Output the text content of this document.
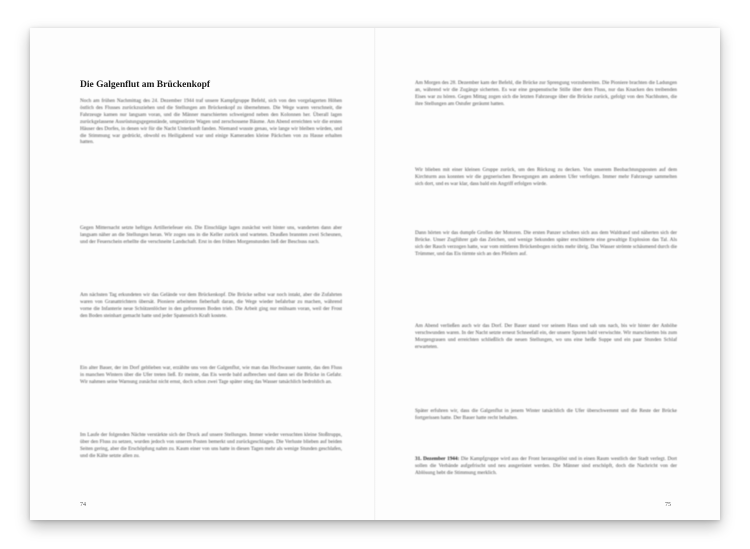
Die Galgenflut am Brückenkopf
Noch am frühen Nachmittag des 24. Dezember 1944 traf unsere Kampfgruppe Befehl, sich von den vorgelagerten Höhen östlich des Flusses zurückzuziehen und die Stellungen am Brückenkopf zu übernehmen. Die Wege waren verschneit, die Fahrzeuge kamen nur langsam voran, und die Männer marschierten schweigend neben den Kolonnen her. Überall lagen zurückgelassene Ausrüstungsgegenstände, umgestürzte Wagen und zerschossene Bäume. Am Abend erreichten wir die ersten Häuser des Dorfes, in denen wir für die Nacht Unterkunft fanden. Niemand wusste genau, wie lange wir bleiben würden, und die Stimmung war gedrückt, obwohl es Heiligabend war und einige Kameraden kleine Päckchen von zu Hause erhalten hatten.
Gegen Mitternacht setzte heftiges Artilleriefeuer ein. Die Einschläge lagen zunächst weit hinter uns, wanderten dann aber langsam näher an die Stellungen heran. Wir zogen uns in die Keller zurück und warteten. Draußen brannten zwei Scheunen, und der Feuerschein erhellte die verschneite Landschaft. Erst in den frühen Morgenstunden ließ der Beschuss nach.
Am nächsten Tag erkundeten wir das Gelände vor dem Brückenkopf. Die Brücke selbst war noch intakt, aber die Zufahrten waren von Granattrichtern übersät. Pioniere arbeiteten fieberhaft daran, die Wege wieder befahrbar zu machen, während vorne die Infanterie neue Schützenlöcher in den gefrorenen Boden trieb. Die Arbeit ging nur mühsam voran, weil der Frost den Boden steinhart gemacht hatte und jeder Spatenstich Kraft kostete.
Ein alter Bauer, der im Dorf geblieben war, erzählte uns von der Galgenflut, wie man das Hochwasser nannte, das den Fluss in manchen Wintern über die Ufer treten ließ. Er meinte, das Eis werde bald aufbrechen und dann sei die Brücke in Gefahr. Wir nahmen seine Warnung zunächst nicht ernst, doch schon zwei Tage später stieg das Wasser tatsächlich bedrohlich an.
Im Laufe der folgenden Nächte verstärkte sich der Druck auf unsere Stellungen. Immer wieder versuchten kleine Stoßtrupps, über den Fluss zu setzen, wurden jedoch von unseren Posten bemerkt und zurückgeschlagen. Die Verluste blieben auf beiden Seiten gering, aber die Erschöpfung nahm zu. Kaum einer von uns hatte in diesen Tagen mehr als wenige Stunden geschlafen, und die Kälte setzte allen zu.
74
Am Morgen des 28. Dezember kam der Befehl, die Brücke zur Sprengung vorzubereiten. Die Pioniere brachten die Ladungen an, während wir die Zugänge sicherten. Es war eine gespenstische Stille über dem Fluss, nur das Knacken des treibenden Eises war zu hören. Gegen Mittag zogen sich die letzten Fahrzeuge über die Brücke zurück, gefolgt von den Nachhuten, die ihre Stellungen am Ostufer geräumt hatten.
Wir blieben mit einer kleinen Gruppe zurück, um den Rückzug zu decken. Von unserem Beobachtungsposten auf dem Kirchturm aus konnten wir die gegnerischen Bewegungen am anderen Ufer verfolgen. Immer mehr Fahrzeuge sammelten sich dort, und es war klar, dass bald ein Angriff erfolgen würde.
Dann hörten wir das dumpfe Grollen der Motoren. Die ersten Panzer schoben sich aus dem Waldrand und näherten sich der Brücke. Unser Zugführer gab das Zeichen, und wenige Sekunden später erschütterte eine gewaltige Explosion das Tal. Als sich der Rauch verzogen hatte, war vom mittleren Brückenbogen nichts mehr übrig. Das Wasser strömte schäumend durch die Trümmer, und das Eis türmte sich an den Pfeilern auf.
Am Abend verließen auch wir das Dorf. Der Bauer stand vor seinem Haus und sah uns nach, bis wir hinter der Anhöhe verschwunden waren. In der Nacht setzte erneut Schneefall ein, der unsere Spuren bald verwischte. Wir marschierten bis zum Morgengrauen und erreichten schließlich die neuen Stellungen, wo uns eine heiße Suppe und ein paar Stunden Schlaf erwarteten.
Später erfuhren wir, dass die Galgenflut in jenem Winter tatsächlich die Ufer überschwemmt und die Reste der Brücke fortgerissen hatte. Der Bauer hatte recht behalten.
31. Dezember 1944: Die Kampfgruppe wird aus der Front herausgelöst und in einen Raum westlich der Stadt verlegt. Dort sollen die Verbände aufgefrischt und neu ausgerüstet werden. Die Männer sind erschöpft, doch die Nachricht von der Ablösung hebt die Stimmung merklich.
75
